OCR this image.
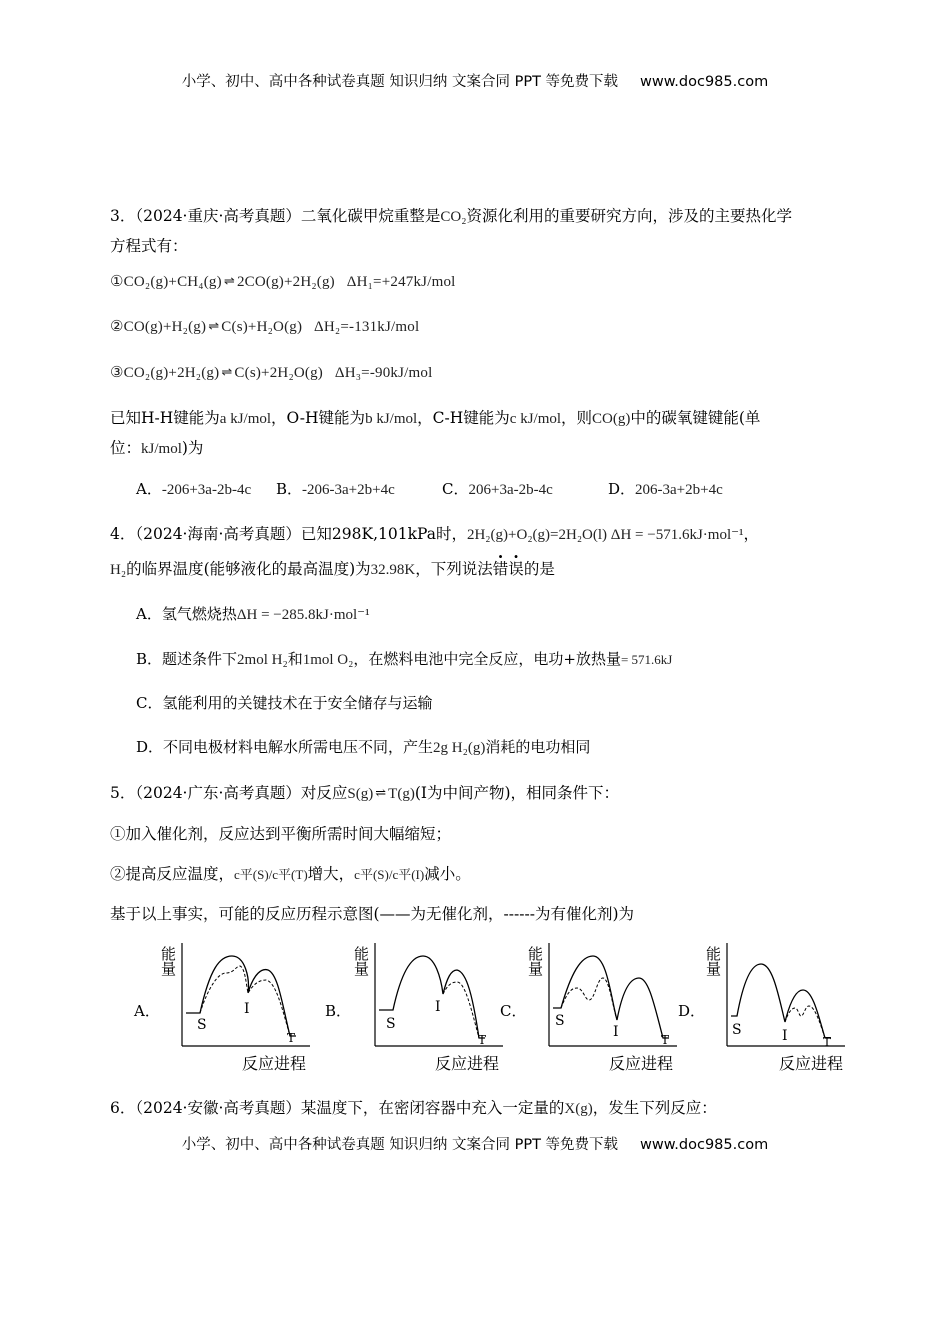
小学、初中、高中各种试卷真题 知识归纳 文案合同 PPT 等免费下载 www.doc985.com
3．（2024·重庆·高考真题）二氧化碳甲烷重整是CO₂资源化利用的重要研究方向，涉及的主要热化学
方程式有：
①CO₂(g)+CH₄(g) ⇌ 2CO(g)+2H₂(g) ΔH₁=+247kJ/mol
②CO(g)+H₂(g) ⇌ C(s)+H₂O(g) ΔH₂=-131kJ/mol
③CO₂(g)+2H₂(g) ⇌ C(s)+2H₂O(g) ΔH₃=-90kJ/mol
已知H-H键能为a kJ/mol，O-H键能为b kJ/mol，C-H键能为c kJ/mol，则CO(g)中的碳氧键键能(单
位：kJ/mol)为
A．-206+3a-2b-4c B．-206-3a+2b+4c	C．206+3a-2b-4c	D．206-3a+2b+4c
4．（2024·海南·高考真题）已知298K,101kPa时，2H₂(g)+O₂(g)=2H₂O(l) ΔH = −571.6kJ·mol⁻¹，
H₂的临界温度(能够液化的最高温度)为32.98K，下列说法错误的是
A．氢气燃烧热ΔH = −285.8kJ·mol⁻¹
B．题述条件下2mol H₂和1mol O₂，在燃料电池中完全反应，电功+放热量= 571.6kJ
C．氢能利用的关键技术在于安全储存与运输
D．不同电极材料电解水所需电压不同，产生2g H₂(g)消耗的电功相同
5．（2024·广东·高考真题）对反应S(g) ⇌ T(g)(I为中间产物)，相同条件下：
①加入催化剂，反应达到平衡所需时间大幅缩短；
②提高反应温度，c平(S)/c平(T)增大，c平(S)/c平(I)减小。
基于以上事实，可能的反应历程示意图(——为无催化剂，------为有催化剂)为
A．
能量
反应进程
S
I
T
B．
能量
反应进程
S
I
T
C．
能量
反应进程
S
I	T
D．
能量
反应进程
S	I	T
6．（2024·安徽·高考真题）某温度下，在密闭容器中充入一定量的X(g)，发生下列反应：
小学、初中、高中各种试卷真题 知识归纳 文案合同 PPT 等免费下载 www.doc985.com
